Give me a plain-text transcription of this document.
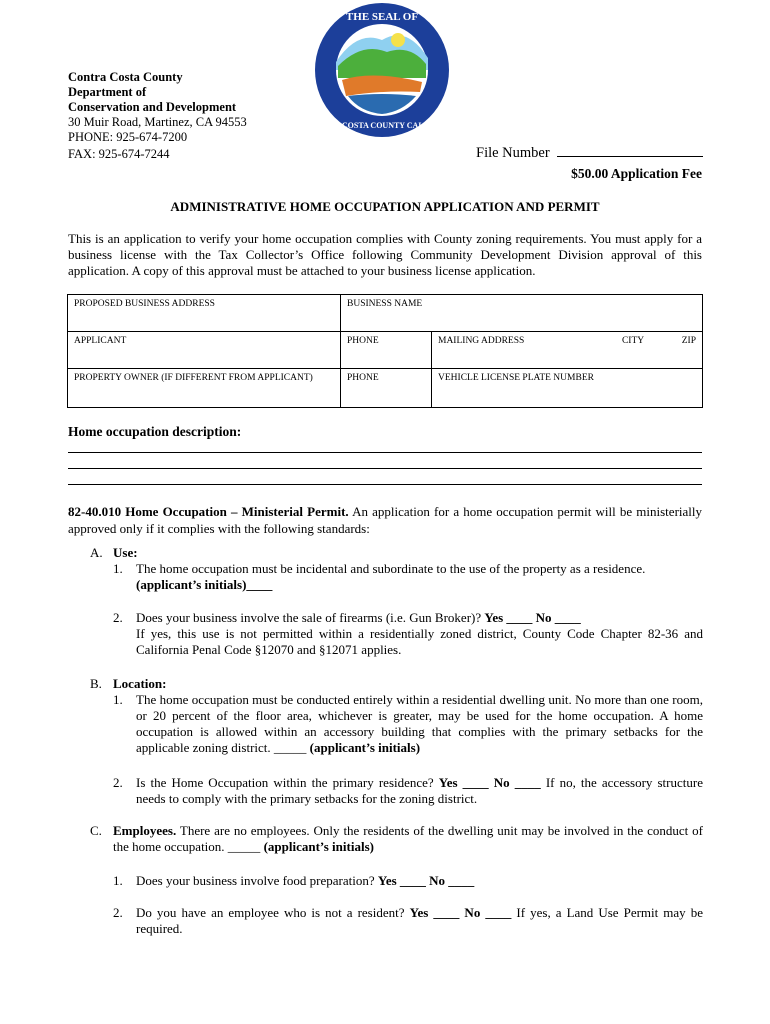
THE SEAL OF
CONTRA COSTA COUNTY CALIFORNIA
Contra Costa County
Department of
Conservation and Development
30 Muir Road, Martinez, CA 94553
PHONE: 925-674-7200
FAX: 925-674-7244	File Number
$50.00 Application Fee
ADMINISTRATIVE HOME OCCUPATION APPLICATION AND PERMIT
This is an application to verify your home occupation complies with County zoning requirements. You must apply for a business license with the Tax Collector’s Office following Community Development Division approval of this application. A copy of this approval must be attached to your business license application.
PROPOSED BUSINESS ADDRESS	BUSINESS NAME	
APPLICANT	PHONE	MAILING ADDRESS CITY ZIP

PROPERTY OWNER (IF DIFFERENT FROM APPLICANT)	PHONE	VEHICLE LICENSE PLATE NUMBER
Home occupation description:
82-40.010 Home Occupation – Ministerial Permit. An application for a home occupation permit will be ministerially approved only if it complies with the following standards:
A. Use:
1.	The home occupation must be incidental and subordinate to the use of the property as a residence.
(applicant’s initials)____
2.	Does your business involve the sale of firearms (i.e. Gun Broker)? Yes ____ No ____
If yes, this use is not permitted within a residentially zoned district, County Code Chapter 82-36 and California Penal Code §12070 and §12071 applies.
B. Location:
1.	The home occupation must be conducted entirely within a residential dwelling unit. No more than one room, or 20 percent of the floor area, whichever is greater, may be used for the home occupation. A home occupation is allowed within an accessory building that complies with the primary setbacks for the applicable zoning district. _____ (applicant’s initials)
2.	Is the Home Occupation within the primary residence? Yes ____ No ____ If no, the accessory structure needs to comply with the primary setbacks for the zoning district.
C. Employees. There are no employees. Only the residents of the dwelling unit may be involved in the conduct of the home occupation. _____ (applicant’s initials)
1.	Does your business involve food preparation? Yes ____ No ____
2.	Do you have an employee who is not a resident? Yes ____ No ____ If yes, a Land Use Permit may be required.
